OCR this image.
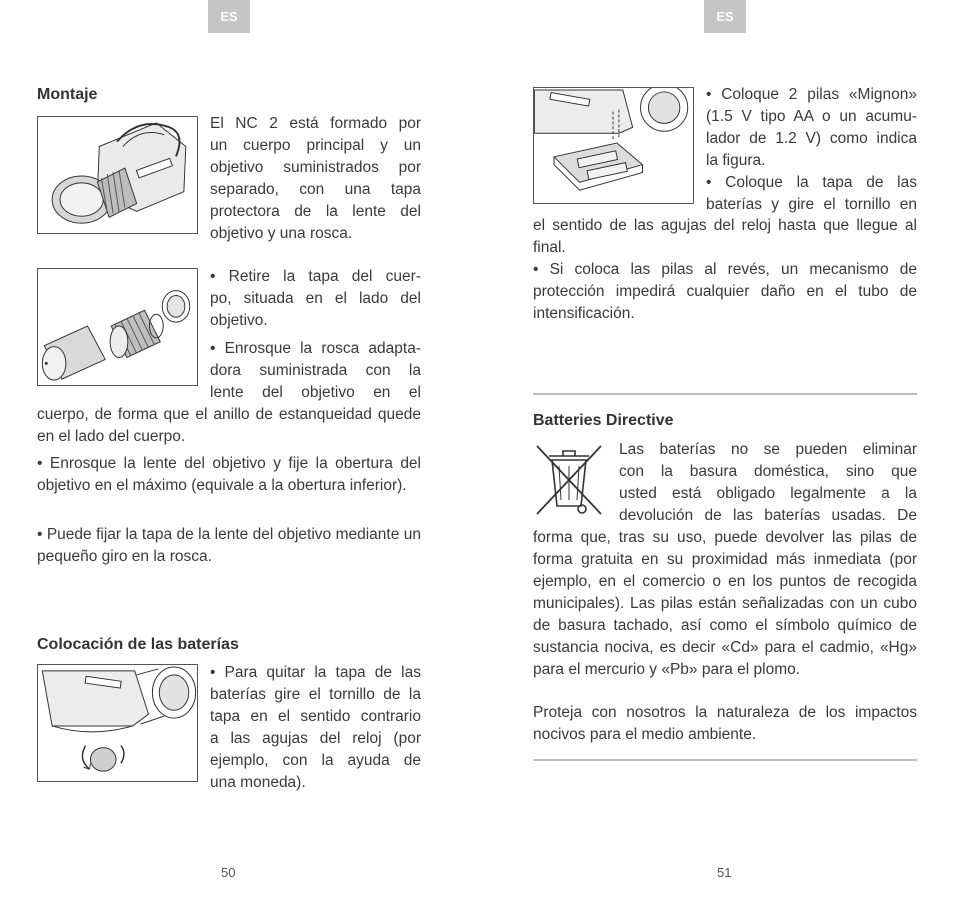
ES
Montaje
El NC 2 está formado por
un cuerpo principal y un
objetivo suministrados por
separado, con una tapa
protectora de la lente del
objetivo y una rosca.
• Retire la tapa del cuer-
po, situada en el lado del
objetivo.
• Enrosque la rosca adapta-
dora suministrada con la
lente del objetivo en el

cuerpo, de forma que el anillo de estanqueidad quede en el lado del cuerpo.

• Enrosque la lente del objetivo y fije la obertura del objetivo en el máximo (equivale a la obertura inferior).

• Puede fijar la tapa de la lente del objetivo mediante un pequeño giro en la rosca.

Colocación de las baterías
• Para quitar la tapa de las
baterías gire el tornillo de la
tapa en el sentido contrario
a las agujas del reloj (por
ejemplo, con la ayuda de
una moneda).
50
ES
• Coloque 2 pilas «Mignon»
(1.5 V tipo AA o un acumu-
lador de 1.2 V) como indica
la figura.
• Coloque la tapa de las
baterías y gire el tornillo en

el sentido de las agujas del reloj hasta que llegue al final.

• Si coloca las pilas al revés, un mecanismo de protección impedirá cualquier daño en el tubo de intensificación.

Batteries Directive
Las baterías no se pueden eliminar
con la basura doméstica, sino que
usted está obligado legalmente a la
devolución de las baterías usadas. De

forma que, tras su uso, puede devolver las pilas de forma gratuita en su proximidad más inmediata (por ejemplo, en el comercio o en los puntos de recogida municipales). Las pilas están señalizadas con un cubo de basura tachado, así como el símbolo químico de sustancia nociva, es decir «Cd» para el cadmio, «Hg» para el mercurio y «Pb» para el plomo.

Proteja con nosotros la naturaleza de los impactos nocivos para el medio ambiente.

51
